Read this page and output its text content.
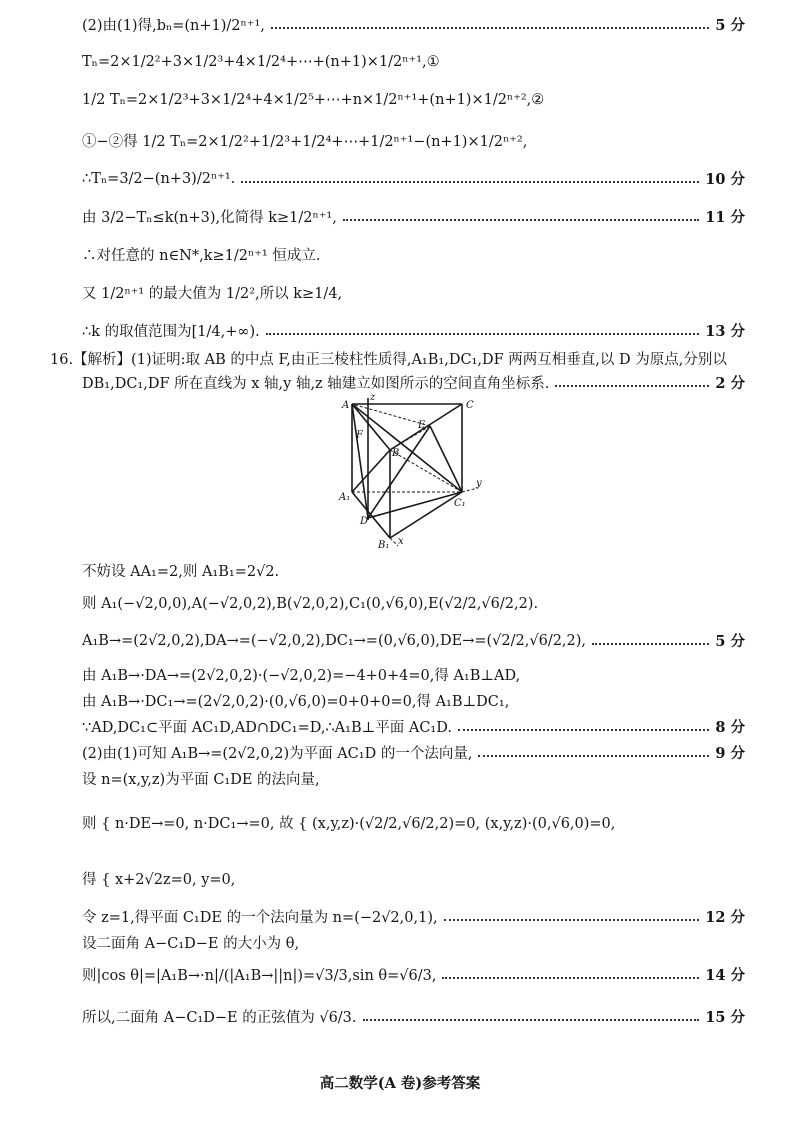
(2)由(1)得,bₙ=(n+1)/2ⁿ⁺¹,	5 分
Tₙ=2×1/2²+3×1/2³+4×1/2⁴+⋯+(n+1)×1/2ⁿ⁺¹,①
1/2 Tₙ=2×1/2³+3×1/2⁴+4×1/2⁵+⋯+n×1/2ⁿ⁺¹+(n+1)×1/2ⁿ⁺²,②
①−②得 1/2 Tₙ=2×1/2²+1/2³+1/2⁴+⋯+1/2ⁿ⁺¹−(n+1)×1/2ⁿ⁺²,
∴Tₙ=3/2−(n+3)/2ⁿ⁺¹.	10 分
由 3/2−Tₙ≤k(n+3),化简得 k≥1/2ⁿ⁺¹,	11 分
∴对任意的 n∈N*,k≥1/2ⁿ⁺¹ 恒成立.
又 1/2ⁿ⁺¹ 的最大值为 1/2²,所以 k≥1/4,
∴k 的取值范围为[1/4,+∞).	13 分
16.【解析】(1)证明:取 AB 的中点 F,由正三棱柱性质得,A₁B₁,DC₁,DF 两两互相垂直,以 D 为原点,分别以
DB₁,DC₁,DF 所在直线为 x 轴,y 轴,z 轴建立如图所示的空间直角坐标系.	2 分
A	C
z
F
E
B
A₁
D
C₁
y
B₁ x
不妨设 AA₁=2,则 A₁B₁=2√2.
则 A₁(−√2,0,0),A(−√2,0,2),B(√2,0,2),C₁(0,√6,0),E(√2/2,√6/2,2).
A₁B→=(2√2,0,2),DA→=(−√2,0,2),DC₁→=(0,√6,0),DE→=(√2/2,√6/2,2),	5 分
由 A₁B→·DA→=(2√2,0,2)·(−√2,0,2)=−4+0+4=0,得 A₁B⊥AD,
由 A₁B→·DC₁→=(2√2,0,2)·(0,√6,0)=0+0+0=0,得 A₁B⊥DC₁,
∵AD,DC₁⊂平面 AC₁D,AD∩DC₁=D,∴A₁B⊥平面 AC₁D.	8 分
(2)由(1)可知 A₁B→=(2√2,0,2)为平面 AC₁D 的一个法向量,	9 分
设 n=(x,y,z)为平面 C₁DE 的法向量,
则 { n·DE→=0, n·DC₁→=0, 故 { (x,y,z)·(√2/2,√6/2,2)=0, (x,y,z)·(0,√6,0)=0,
得 { x+2√2z=0, y=0,
令 z=1,得平面 C₁DE 的一个法向量为 n=(−2√2,0,1),	12 分
设二面角 A−C₁D−E 的大小为 θ,
则|cos θ|=|A₁B→·n|/(|A₁B→||n|)=√3/3,sin θ=√6/3,	14 分
所以,二面角 A−C₁D−E 的正弦值为 √6/3.	15 分
高二数学(A 卷)参考答案
